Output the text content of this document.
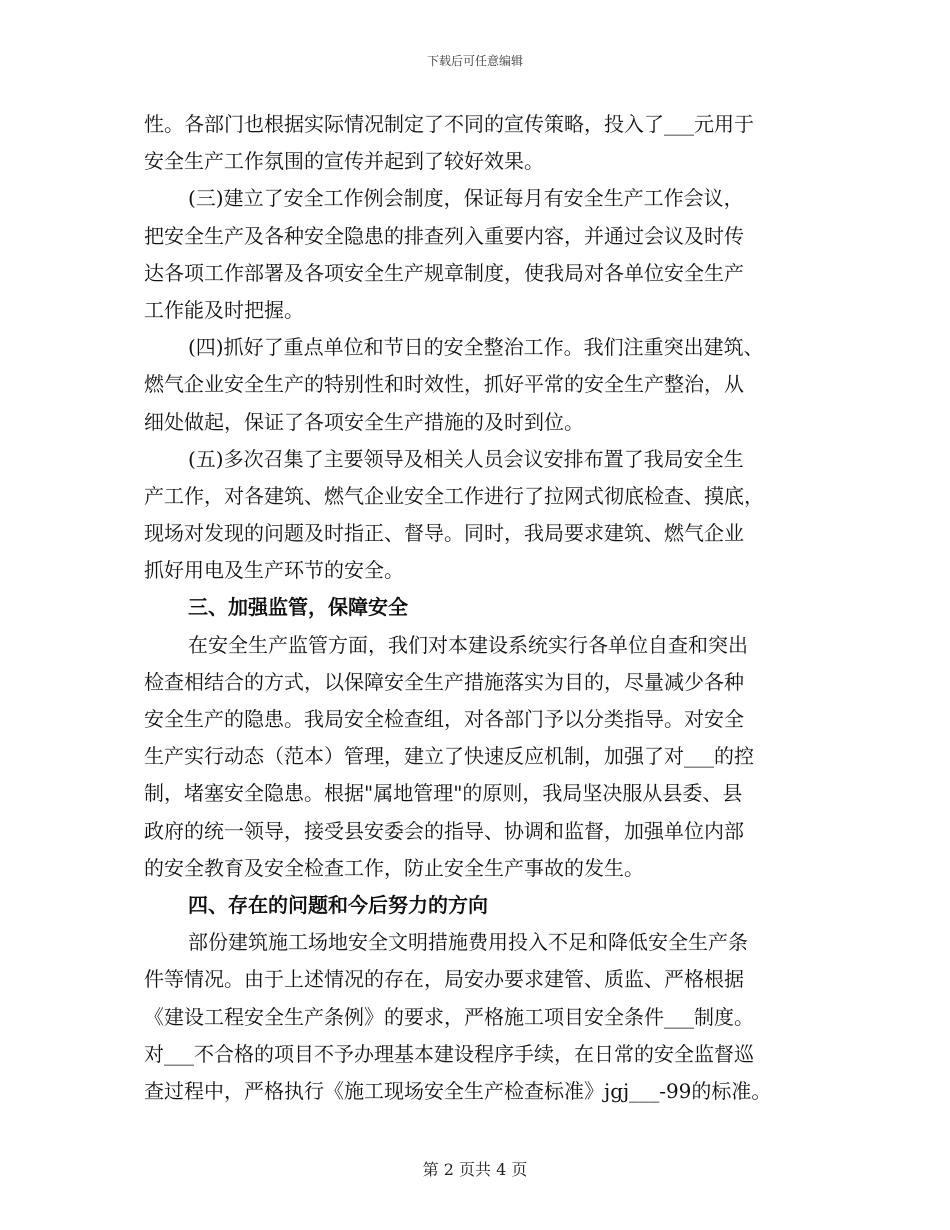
下载后可任意编辑
性。各部门也根据实际情况制定了不同的宣传策略，投入了___元用于
安全生产工作氛围的宣传并起到了较好效果。
(三)建立了安全工作例会制度，保证每月有安全生产工作会议，
把安全生产及各种安全隐患的排查列入重要内容，并通过会议及时传
达各项工作部署及各项安全生产规章制度，使我局对各单位安全生产
工作能及时把握。
(四)抓好了重点单位和节日的安全整治工作。我们注重突出建筑、
燃气企业安全生产的特别性和时效性，抓好平常的安全生产整治，从
细处做起，保证了各项安全生产措施的及时到位。
(五)多次召集了主要领导及相关人员会议安排布置了我局安全生
产工作，对各建筑、燃气企业安全工作进行了拉网式彻底检查、摸底，
现场对发现的问题及时指正、督导。同时，我局要求建筑、燃气企业
抓好用电及生产环节的安全。
三、加强监管，保障安全
在安全生产监管方面，我们对本建设系统实行各单位自查和突出
检查相结合的方式，以保障安全生产措施落实为目的，尽量减少各种
安全生产的隐患。我局安全检查组，对各部门予以分类指导。对安全
生产实行动态（范本）管理，建立了快速反应机制，加强了对___的控
制，堵塞安全隐患。根据"属地管理"的原则，我局坚决服从县委、县
政府的统一领导，接受县安委会的指导、协调和监督，加强单位内部
的安全教育及安全检查工作，防止安全生产事故的发生。
四、存在的问题和今后努力的方向
部份建筑施工场地安全文明措施费用投入不足和降低安全生产条
件等情况。由于上述情况的存在，局安办要求建管、质监、严格根据
《建设工程安全生产条例》的要求，严格施工项目安全条件___制度。
对___不合格的项目不予办理基本建设程序手续，在日常的安全监督巡
查过程中，严格执行《施工现场安全生产检查标准》jgj___-99的标准。
第 2 页共 4 页
